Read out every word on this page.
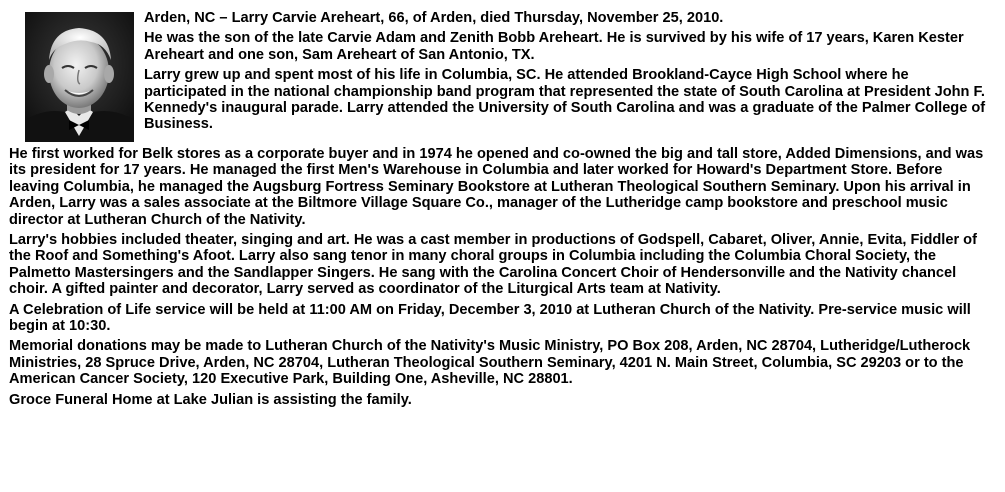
Arden, NC – Larry Carvie Areheart, 66, of Arden, died Thursday, November 25, 2010.

He was the son of the late Carvie Adam and Zenith Bobb Areheart. He is survived by his wife of 17 years, Karen Kester Areheart and one son, Sam Areheart of San Antonio, TX.

Larry grew up and spent most of his life in Columbia, SC. He attended Brookland-Cayce High School where he participated in the national championship band program that represented the state of South Carolina at President John F. Kennedy's inaugural parade. Larry attended the University of South Carolina and was a graduate of the Palmer College of Business.

He first worked for Belk stores as a corporate buyer and in 1974 he opened and co-owned the big and tall store, Added Dimensions, and was its president for 17 years. He managed the first Men's Warehouse in Columbia and later worked for Howard's Department Store. Before leaving Columbia, he managed the Augsburg Fortress Seminary Bookstore at Lutheran Theological Southern Seminary. Upon his arrival in Arden, Larry was a sales associate at the Biltmore Village Square Co., manager of the Lutheridge camp bookstore and preschool music director at Lutheran Church of the Nativity.

Larry's hobbies included theater, singing and art. He was a cast member in productions of Godspell, Cabaret, Oliver, Annie, Evita, Fiddler of the Roof and Something's Afoot. Larry also sang tenor in many choral groups in Columbia including the Columbia Choral Society, the Palmetto Mastersingers and the Sandlapper Singers. He sang with the Carolina Concert Choir of Hendersonville and the Nativity chancel choir. A gifted painter and decorator, Larry served as coordinator of the Liturgical Arts team at Nativity.

A Celebration of Life service will be held at 11:00 AM on Friday, December 3, 2010 at Lutheran Church of the Nativity. Pre-service music will begin at 10:30.

Memorial donations may be made to Lutheran Church of the Nativity's Music Ministry, PO Box 208, Arden, NC 28704, Lutheridge/Lutherock Ministries, 28 Spruce Drive, Arden, NC 28704, Lutheran Theological Southern Seminary, 4201 N. Main Street, Columbia, SC 29203 or to the American Cancer Society, 120 Executive Park, Building One, Asheville, NC 28801.

Groce Funeral Home at Lake Julian is assisting the family.
